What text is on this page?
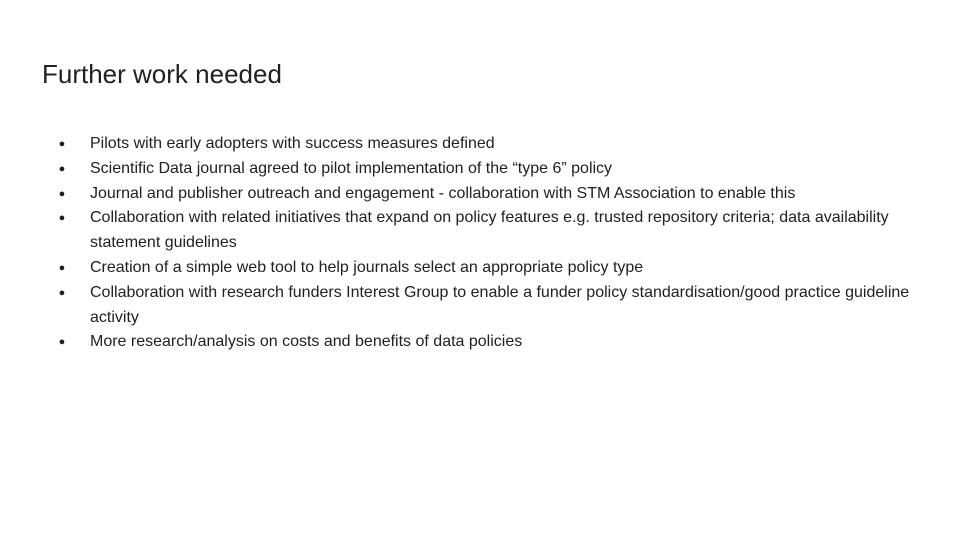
Further work needed
● Pilots with early adopters with success measures defined
● Scientific Data journal agreed to pilot implementation of the “type 6” policy
● Journal and publisher outreach and engagement - collaboration with STM Association to enable this
● Collaboration with related initiatives that expand on policy features e.g. trusted repository criteria; data availability statement guidelines
● Creation of a simple web tool to help journals select an appropriate policy type
● Collaboration with research funders Interest Group to enable a funder policy standardisation/good practice guideline activity
● More research/analysis on costs and benefits of data policies
